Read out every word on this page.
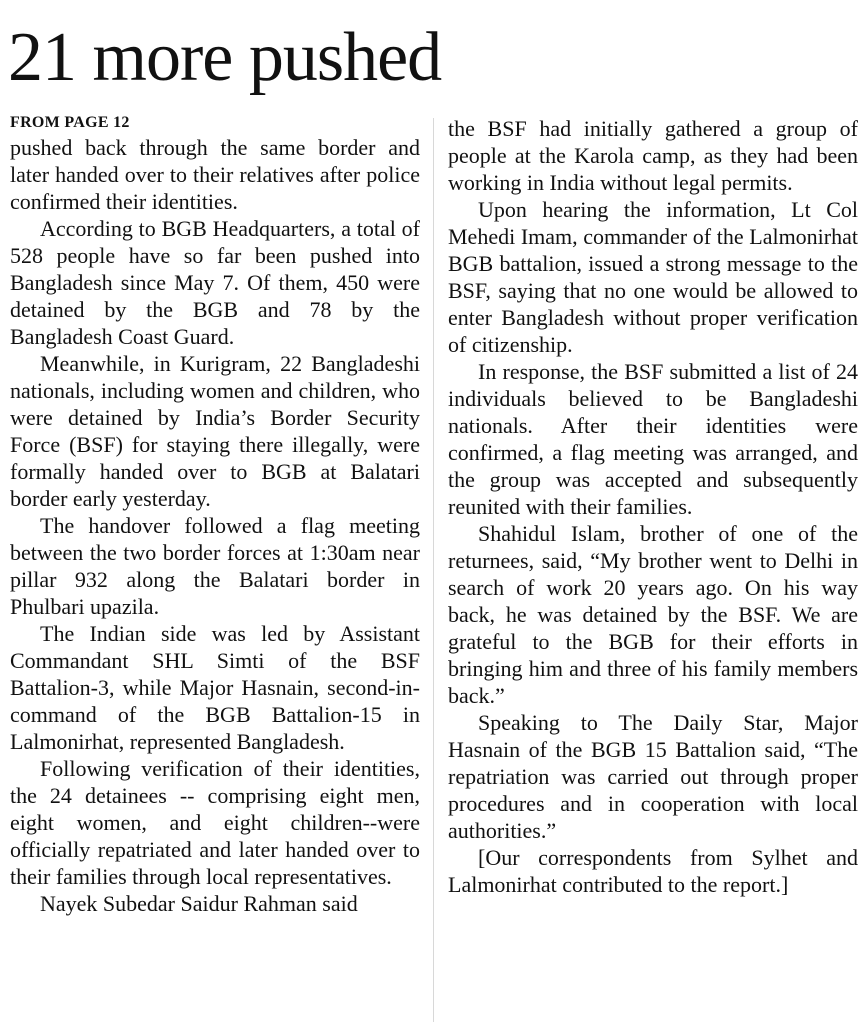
21 more pushed
FROM PAGE 12

pushed back through the same border and later handed over to their relatives after police confirmed their identities.

According to BGB Headquarters, a total of 528 people have so far been pushed into Bangladesh since May 7. Of them, 450 were detained by the BGB and 78 by the Bangladesh Coast Guard.

Meanwhile, in Kurigram, 22 Bangladeshi nationals, including women and children, who were detained by India’s Border Security Force (BSF) for staying there illegally, were formally handed over to BGB at Balatari border early yesterday.

The handover followed a flag meeting between the two border forces at 1:30am near pillar 932 along the Balatari border in Phulbari upazila.

The Indian side was led by Assistant Commandant SHL Simti of the BSF Battalion-3, while Major Hasnain, second-in-command of the BGB Battalion-15 in Lalmonirhat, represented Bangladesh.

Following verification of their identities, the 24 detainees -- comprising eight men, eight women, and eight children--were officially repatriated and later handed over to their families through local representatives.

Nayek Subedar Saidur Rahman said

the BSF had initially gathered a group of people at the Karola camp, as they had been working in India without legal permits.

Upon hearing the information, Lt Col Mehedi Imam, commander of the Lalmonirhat BGB battalion, issued a strong message to the BSF, saying that no one would be allowed to enter Bangladesh without proper verification of citizenship.

In response, the BSF submitted a list of 24 individuals believed to be Bangladeshi nationals. After their identities were confirmed, a flag meeting was arranged, and the group was accepted and subsequently reunited with their families.

Shahidul Islam, brother of one of the returnees, said, “My brother went to Delhi in search of work 20 years ago. On his way back, he was detained by the BSF. We are grateful to the BGB for their efforts in bringing him and three of his family members back.”

Speaking to The Daily Star, Major Hasnain of the BGB 15 Battalion said, “The repatriation was carried out through proper procedures and in cooperation with local authorities.”

[Our correspondents from Sylhet and Lalmonirhat contributed to the report.]
